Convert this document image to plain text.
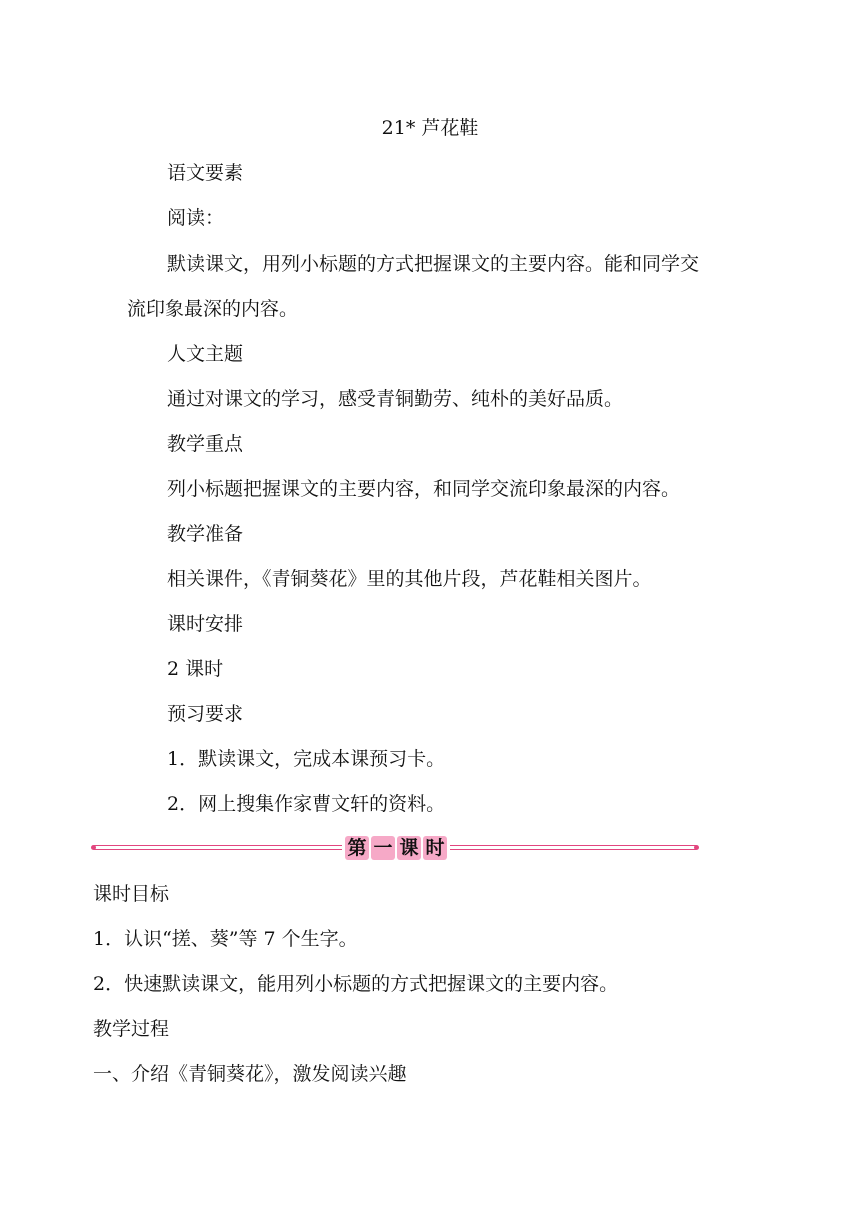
21* 芦花鞋
语文要素
阅读：
默读课文，用列小标题的方式把握课文的主要内容。能和同学交
流印象最深的内容。
人文主题
通过对课文的学习，感受青铜勤劳、纯朴的美好品质。
教学重点
列小标题把握课文的主要内容，和同学交流印象最深的内容。
教学准备
相关课件，《青铜葵花》里的其他片段，芦花鞋相关图片。
课时安排
2 课时
预习要求
1．默读课文，完成本课预习卡。
2．网上搜集作家曹文轩的资料。
第 一 课 时
课时目标
1．认识“搓、葵”等 7 个生字。
2．快速默读课文，能用列小标题的方式把握课文的主要内容。
教学过程
一、介绍《青铜葵花》，激发阅读兴趣
